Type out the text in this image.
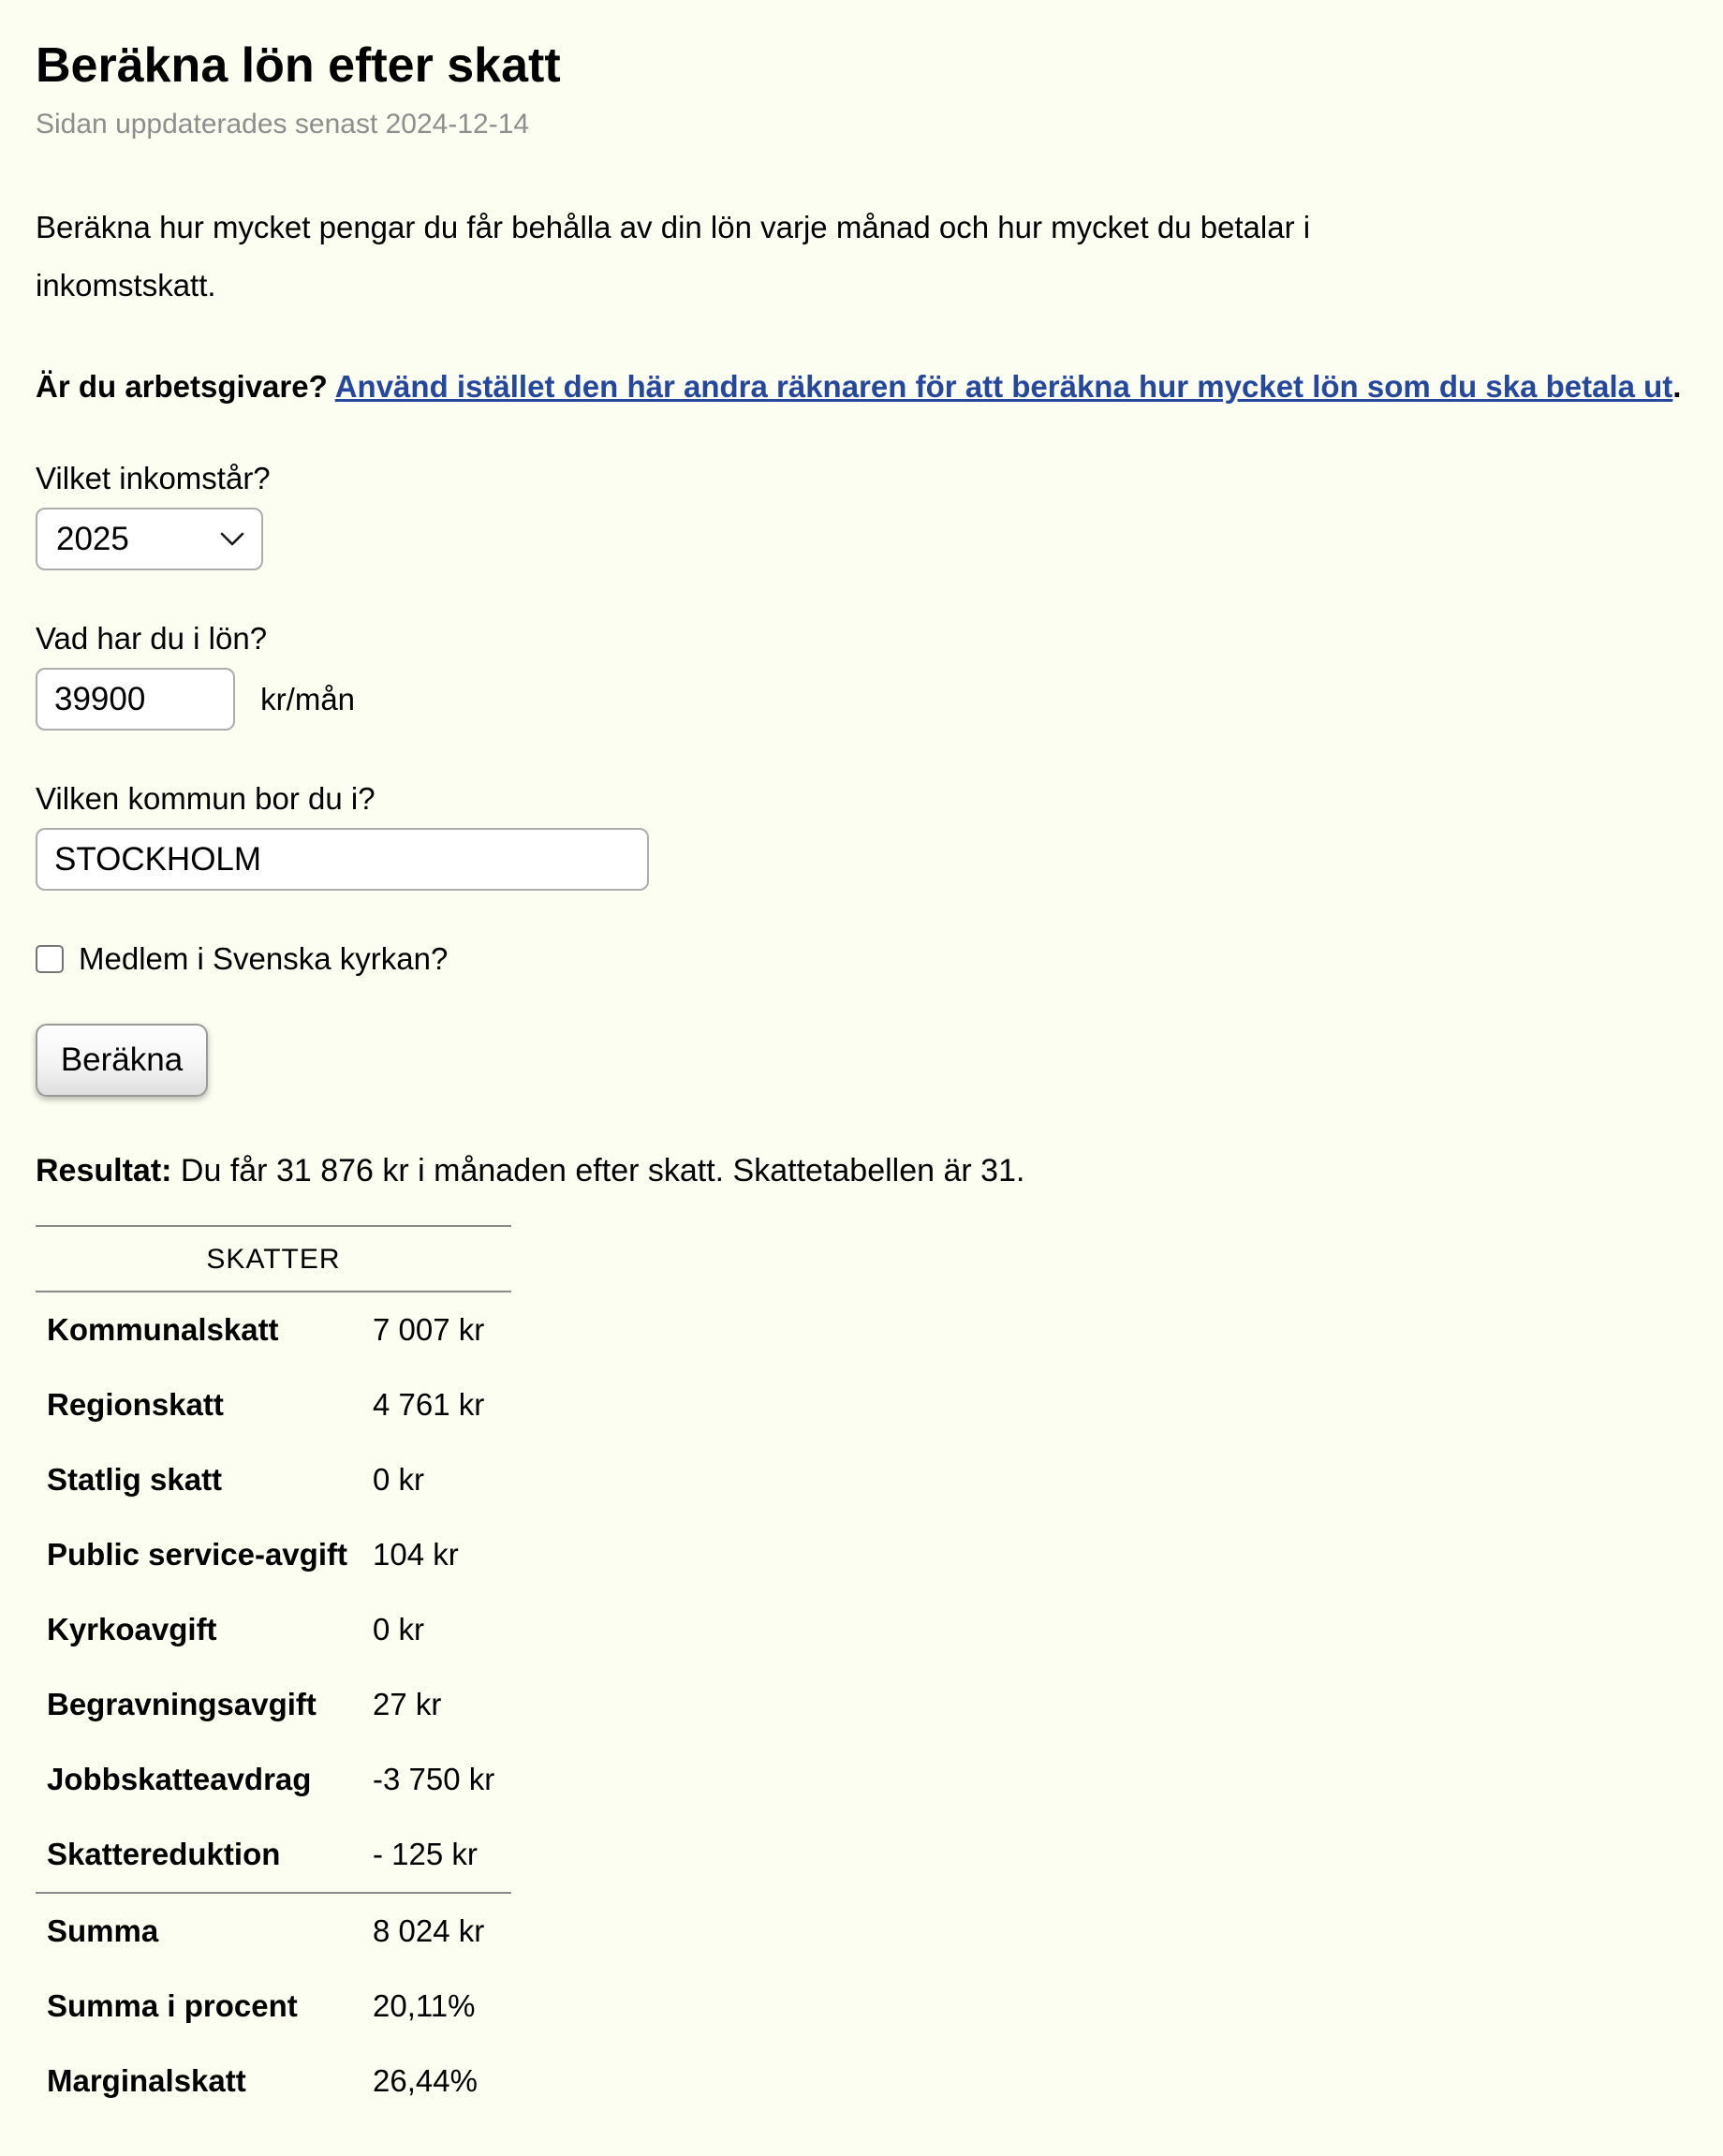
Beräkna lön efter skatt
Sidan uppdaterades senast 2024-12-14

Beräkna hur mycket pengar du får behålla av din lön varje månad och hur mycket du betalar i inkomstskatt.

Är du arbetsgivare? Använd istället den här andra räknaren för att beräkna hur mycket lön som du ska betala ut.

Vilket inkomstår?
2025
Vad har du i lön?
39900 kr/mån
Vilken kommun bor du i?
STOCKHOLM
Medlem i Svenska kyrkan?
Beräkna

Resultat: Du får 31 876 kr i månaden efter skatt. Skattetabellen är 31.

SKATTER	
Kommunalskatt	7 007 kr
Regionskatt	4 761 kr
Statlig skatt	0 kr
Public service-avgift	104 kr
Kyrkoavgift	0 kr
Begravningsavgift	27 kr
Jobbskatteavdrag	-3 750 kr
Skattereduktion	- 125 kr
Summa	8 024 kr
Summa i procent	20,11%
Marginalskatt	26,44%
